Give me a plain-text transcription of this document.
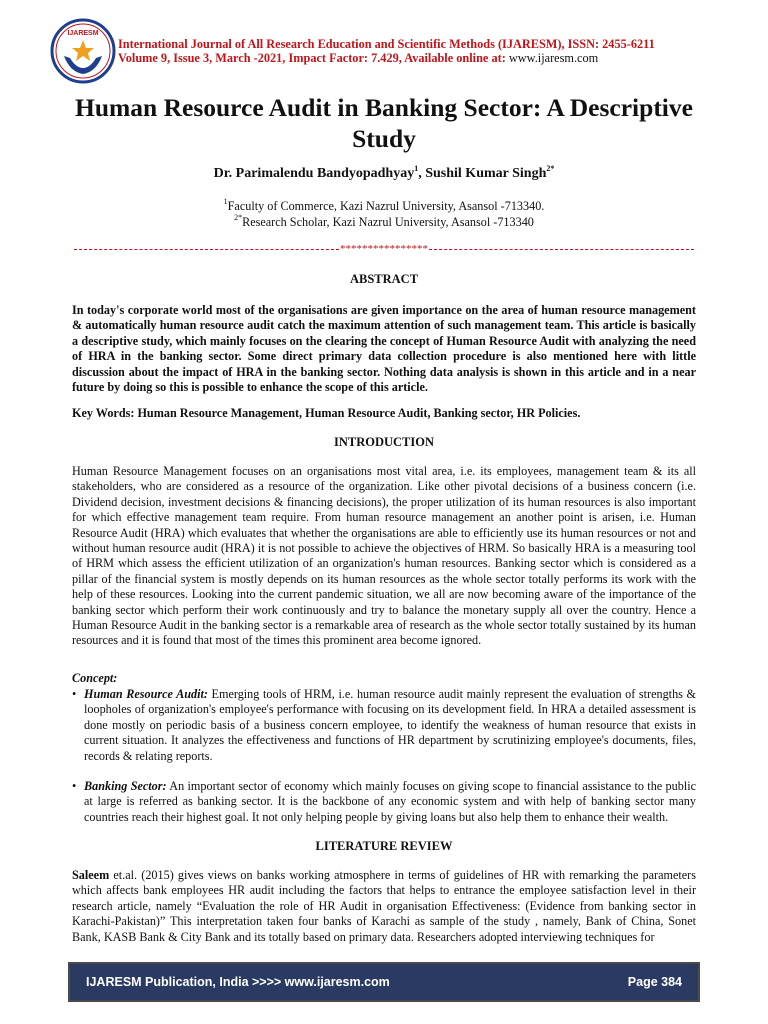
IJARESM
International Journal of All Research Education and Scientific Methods (IJARESM), ISSN: 2455-6211
Volume 9, Issue 3, March -2021, Impact Factor: 7.429, Available online at: www.ijaresm.com
Human Resource Audit in Banking Sector: A Descriptive Study
Dr. Parimalendu Bandyopadhyay$^1$, Sushil Kumar Singh$^{2*}$
$^1$Faculty of Commerce, Kazi Nazrul University, Asansol -713340.
$^{2*}$Research Scholar, Kazi Nazrul University, Asansol -713340
****************
ABSTRACT
In today's corporate world most of the organisations are given importance on the area of human resource management & automatically human resource audit catch the maximum attention of such management team. This article is basically a descriptive study, which mainly focuses on the clearing the concept of Human Resource Audit with analyzing the need of HRA in the banking sector. Some direct primary data collection procedure is also mentioned here with little discussion about the impact of HRA in the banking sector. Nothing data analysis is shown in this article and in a near future by doing so this is possible to enhance the scope of this article.
Key Words: Human Resource Management, Human Resource Audit, Banking sector, HR Policies.
INTRODUCTION
Human Resource Management focuses on an organisations most vital area, i.e. its employees, management team & its all stakeholders, who are considered as a resource of the organization. Like other pivotal decisions of a business concern (i.e. Dividend decision, investment decisions & financing decisions), the proper utilization of its human resources is also important for which effective management team require. From human resource management an another point is arisen, i.e. Human Resource Audit (HRA) which evaluates that whether the organisations are able to efficiently use its human resources or not and without human resource audit (HRA) it is not possible to achieve the objectives of HRM. So basically HRA is a measuring tool of HRM which assess the efficient utilization of an organization's human resources. Banking sector which is considered as a pillar of the financial system is mostly depends on its human resources as the whole sector totally performs its work with the help of these resources. Looking into the current pandemic situation, we all are now becoming aware of the importance of the banking sector which perform their work continuously and try to balance the monetary supply all over the country. Hence a Human Resource Audit in the banking sector is a remarkable area of research as the whole sector totally sustained by its human resources and it is found that most of the times this prominent area become ignored.
Concept:
• Human Resource Audit: Emerging tools of HRM, i.e. human resource audit mainly represent the evaluation of strengths & loopholes of organization's employee's performance with focusing on its development field. In HRA a detailed assessment is done mostly on periodic basis of a business concern employee, to identify the weakness of human resource that exists in current situation. It analyzes the effectiveness and functions of HR department by scrutinizing employee's documents, files, records & relating reports.
• Banking Sector: An important sector of economy which mainly focuses on giving scope to financial assistance to the public at large is referred as banking sector. It is the backbone of any economic system and with help of banking sector many countries reach their highest goal. It not only helping people by giving loans but also help them to enhance their wealth.
LITERATURE REVIEW
Saleem et.al. (2015) gives views on banks working atmosphere in terms of guidelines of HR with remarking the parameters which affects bank employees HR audit including the factors that helps to entrance the employee satisfaction level in their research article, namely “Evaluation the role of HR Audit in organisation Effectiveness: (Evidence from banking sector in Karachi-Pakistan)” This interpretation taken four banks of Karachi as sample of the study , namely, Bank of China, Sonet Bank, KASB Bank & City Bank and its totally based on primary data. Researchers adopted interviewing techniques for
IJARESM Publication, India >>>> www.ijaresm.com	Page 384
